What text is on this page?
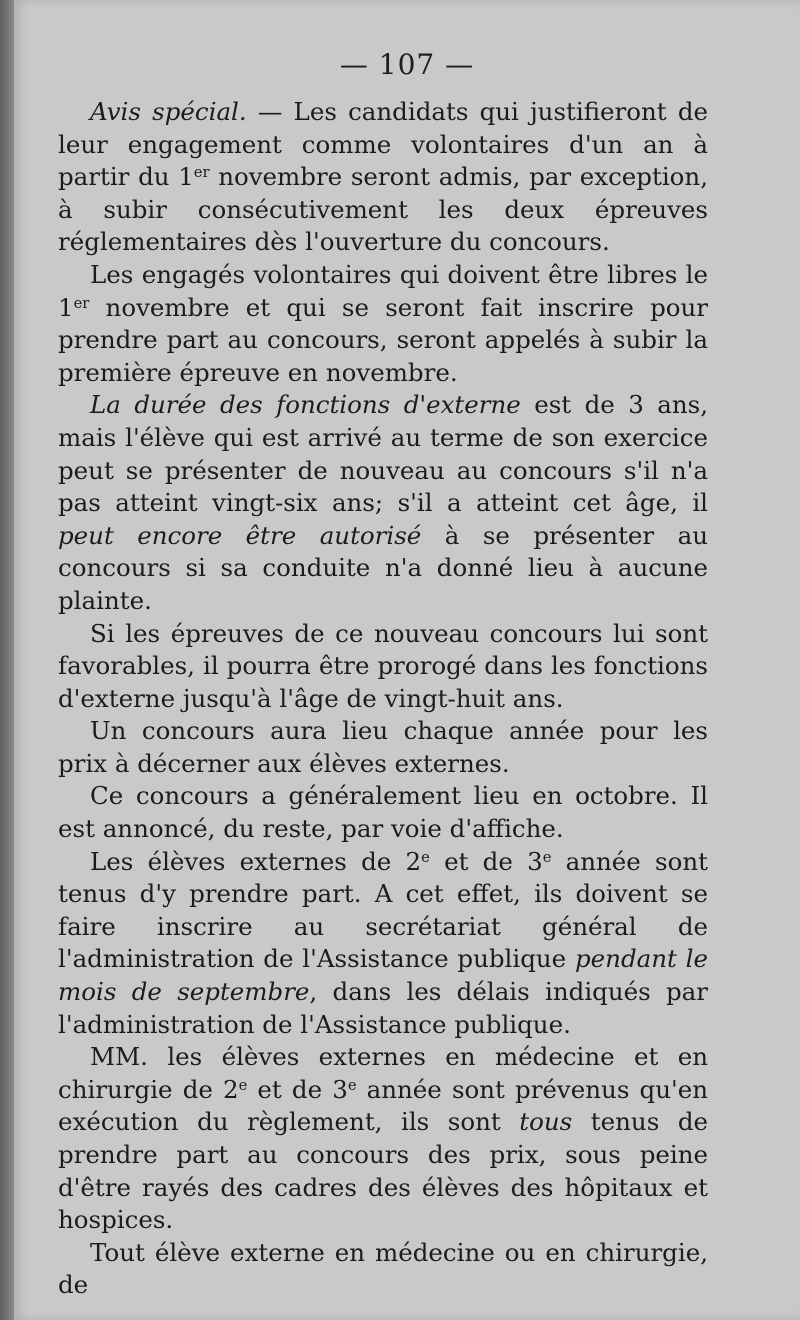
— 107 —

Avis spécial. — Les candidats qui justifieront de leur engagement comme volontaires d'un an à partir du 1er novembre seront admis, par exception, à subir consécutivement les deux épreuves réglementaires dès l'ouverture du concours.

Les engagés volontaires qui doivent être libres le 1er novembre et qui se seront fait inscrire pour prendre part au concours, seront appelés à subir la première épreuve en novembre.

La durée des fonctions d'externe est de 3 ans, mais l'élève qui est arrivé au terme de son exercice peut se présenter de nouveau au concours s'il n'a pas atteint vingt-six ans; s'il a atteint cet âge, il peut encore être autorisé à se présenter au concours si sa conduite n'a donné lieu à aucune plainte.

Si les épreuves de ce nouveau concours lui sont favorables, il pourra être prorogé dans les fonctions d'externe jusqu'à l'âge de vingt-huit ans.

Un concours aura lieu chaque année pour les prix à décerner aux élèves externes.

Ce concours a généralement lieu en octobre. Il est annoncé, du reste, par voie d'affiche.

Les élèves externes de 2e et de 3e année sont tenus d'y prendre part. A cet effet, ils doivent se faire inscrire au secrétariat général de l'administration de l'Assistance publique pendant le mois de septembre, dans les délais indiqués par l'administration de l'Assistance publique.

MM. les élèves externes en médecine et en chirurgie de 2e et de 3e année sont prévenus qu'en exécution du règlement, ils sont tous tenus de prendre part au concours des prix, sous peine d'être rayés des cadres des élèves des hôpitaux et hospices.

Tout élève externe en médecine ou en chirurgie, de
